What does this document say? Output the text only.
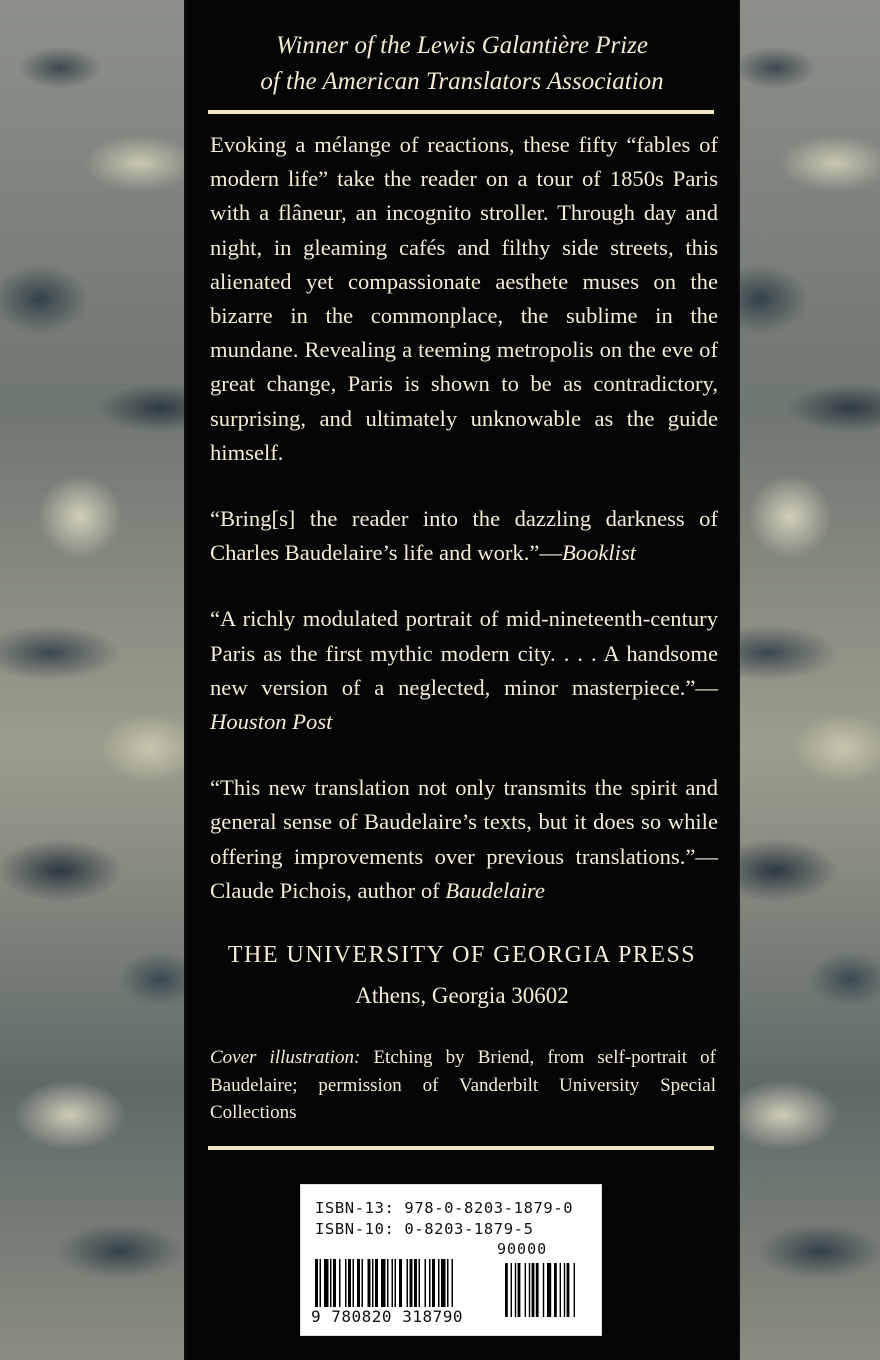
Winner of the Lewis Galantière Prize
of the American Translators Association

Evoking a mélange of reactions, these fifty “fables of modern life” take the reader on a tour of 1850s Paris with a flâneur, an incognito stroller. Through day and night, in gleaming cafés and filthy side streets, this alienated yet compassionate aesthete muses on the bizarre in the commonplace, the sublime in the mundane. Revealing a teeming metropolis on the eve of great change, Paris is shown to be as contradictory, surprising, and ultimately unknowable as the guide himself.

“Bring[s] the reader into the dazzling darkness of Charles Baudelaire’s life and work.”—Booklist

“A richly modulated portrait of mid-nineteenth-century Paris as the first mythic modern city. . . . A handsome new version of a neglected, minor masterpiece.”—Houston Post

“This new translation not only transmits the spirit and general sense of Baudelaire’s texts, but it does so while offering improvements over previous translations.”—Claude Pichois, author of Baudelaire

THE UNIVERSITY OF GEORGIA PRESS
Athens, Georgia 30602
Cover illustration: Etching by Briend, from self-portrait of Baudelaire; permission of Vanderbilt University Special Collections
ISBN-13: 978-0-8203-1879-0
ISBN-10: 0-8203-1879-5
90000
9 780820 318790
